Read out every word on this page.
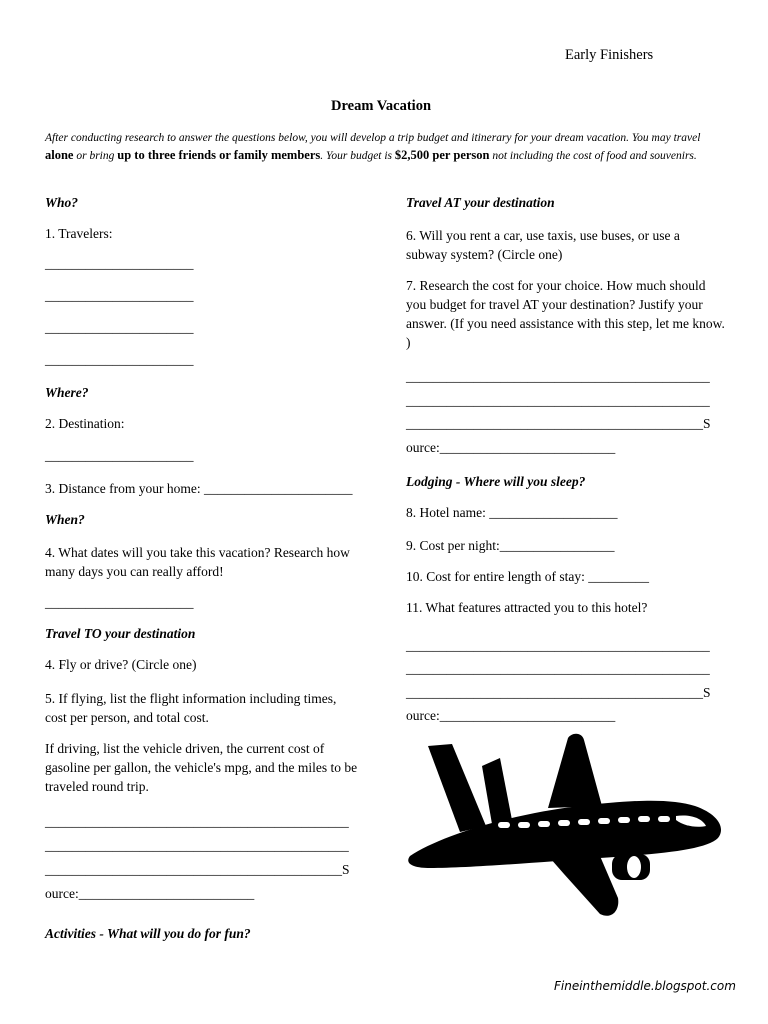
Early Finishers
Dream Vacation
After conducting research to answer the questions below, you will develop a trip budget and itinerary for your dream vacation. You may travel alone or bring up to three friends or family members. Your budget is $2,500 per person not including the cost of food and souvenirs.
Who?
1. Travelers:
______________________
______________________
______________________
______________________
Where?
2. Destination:
______________________
3. Distance from your home: ______________________
When?
4. What dates will you take this vacation? Research how many days you can really afford!
______________________
Travel TO your destination
4. Fly or drive? (Circle one)
5. If flying, list the flight information including times, cost per person, and total cost.
If driving, list the vehicle driven, the current cost of gasoline per gallon, the vehicle's mpg, and the miles to be traveled round trip.
_____________________________________________
_____________________________________________
____________________________________________S
ource:__________________________
Activities - What will you do for fun?
Travel AT your destination
6. Will you rent a car, use taxis, use buses, or use a subway system? (Circle one)
7. Research the cost for your choice. How much should you budget for travel AT your destination? Justify your answer. (If you need assistance with this step, let me know. )
_____________________________________________
_____________________________________________
____________________________________________S
ource:__________________________
Lodging - Where will you sleep?
8. Hotel name: ___________________
9. Cost per night:_________________
10. Cost for entire length of stay: _________
11. What features attracted you to this hotel?
_____________________________________________
_____________________________________________
____________________________________________S
ource:__________________________
Fineinthemiddle.blogspot.com
